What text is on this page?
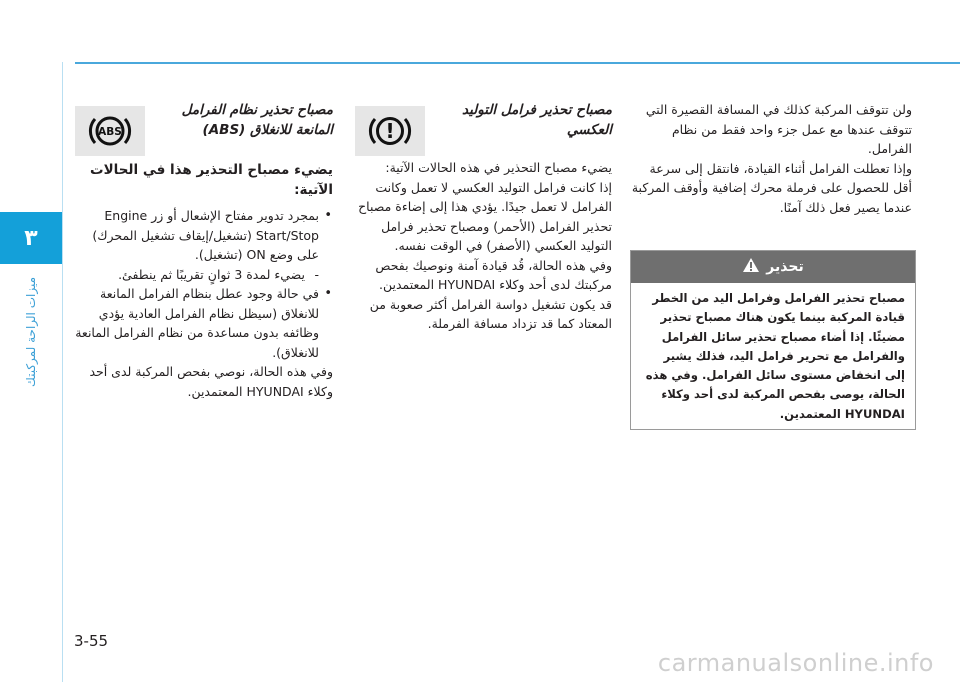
٣
ميزات الراحة لمركبتك

ولن تتوقف المركبة كذلك في المسافة القصيرة التي تتوقف عندها مع عمل جزء واحد فقط من نظام الفرامل.

وإذا تعطلت الفرامل أثناء القيادة، فانتقل إلى سرعة أقل للحصول على فرملة محرك إضافية وأوقف المركبة عندما يصير فعل ذلك آمنًا.

تحذير

مصباح تحذير الفرامل وفرامل اليد من الخطر قيادة المركبة بينما يكون هناك مصباح تحذير مضيئًا. إذا أضاء مصباح تحذير سائل الفرامل والفرامل مع تحرير فرامل اليد، فذلك يشير إلى انخفاض مستوى سائل الفرامل. وفي هذه الحالة، يوصى بفحص المركبة لدى أحد وكلاء HYUNDAI المعتمدين.

!

مصباح تحذير فرامل التوليد العكسي

يضيء مصباح التحذير في هذه الحالات الآتية:

إذا كانت فرامل التوليد العكسي لا تعمل وكانت الفرامل لا تعمل جيدًا. يؤدي هذا إلى إضاءة مصباح تحذير الفرامل (الأحمر) ومصباح تحذير فرامل التوليد العكسي (الأصفر) في الوقت نفسه.

وفي هذه الحالة، قُد قيادة آمنة ونوصيك بفحص مركبتك لدى أحد وكلاء HYUNDAI المعتمدين.

قد يكون تشغيل دواسة الفرامل أكثر صعوبة من المعتاد كما قد تزداد مسافة الفرملة.

ABS

مصباح تحذير نظام الفرامل المانعة للانغلاق (ABS)

يضيء مصباح التحذير هذا في الحالات الآتية:

• بمجرد تدوير مفتاح الإشعال أو زر Engine Start/Stop (تشغيل/إيقاف تشغيل المحرك) على وضع ON (تشغيل).
- يضيء لمدة 3 ثوانٍ تقريبًا ثم ينطفئ.
• في حالة وجود عطل بنظام الفرامل المانعة للانغلاق (سيظل نظام الفرامل العادية يؤدي وظائفه بدون مساعدة من نظام الفرامل المانعة للانغلاق).

وفي هذه الحالة، نوصي بفحص المركبة لدى أحد وكلاء HYUNDAI المعتمدين.

3-55
carmanualsonline.info
